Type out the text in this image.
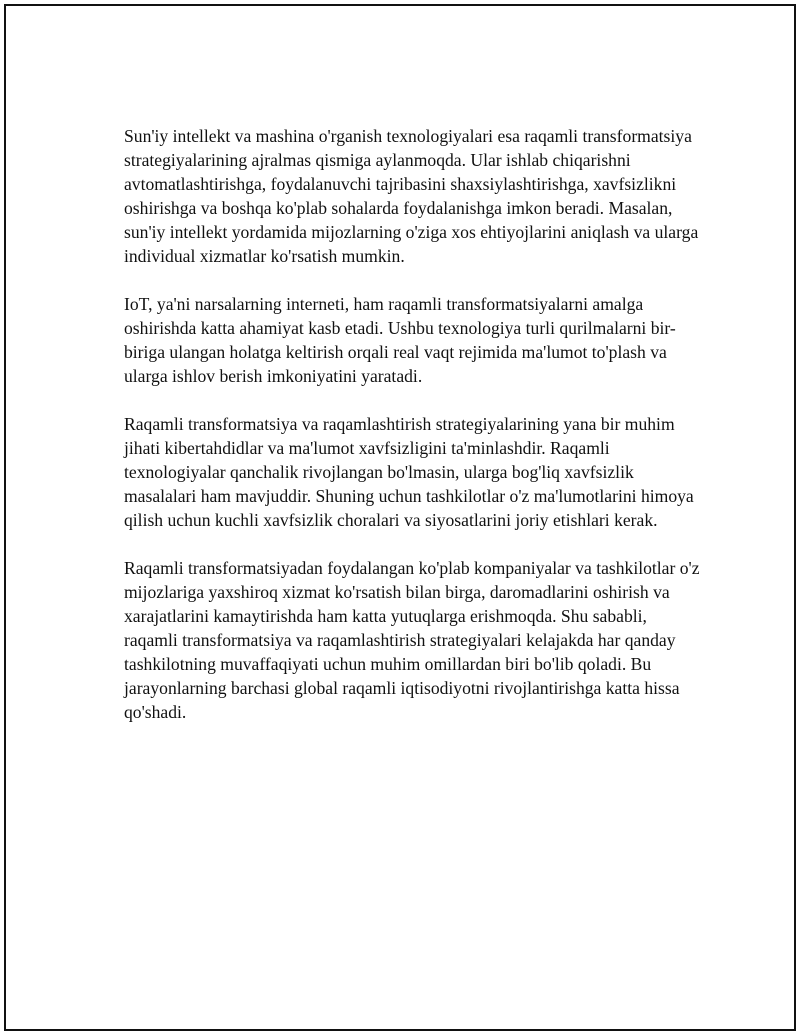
Sun'iy intellekt va mashina o'rganish texnologiyalari esa raqamli transformatsiya strategiyalarining ajralmas qismiga aylanmoqda. Ular ishlab chiqarishni avtomatlashtirishga, foydalanuvchi tajribasini shaxsiylashtirishga, xavfsizlikni oshirishga va boshqa ko'plab sohalarda foydalanishga imkon beradi. Masalan, sun'iy intellekt yordamida mijozlarning o'ziga xos ehtiyojlarini aniqlash va ularga individual xizmatlar ko'rsatish mumkin.

IoT, ya'ni narsalarning interneti, ham raqamli transformatsiyalarni amalga oshirishda katta ahamiyat kasb etadi. Ushbu texnologiya turli qurilmalarni bir-biriga ulangan holatga keltirish orqali real vaqt rejimida ma'lumot to'plash va ularga ishlov berish imkoniyatini yaratadi.

Raqamli transformatsiya va raqamlashtirish strategiyalarining yana bir muhim jihati kibertahdidlar va ma'lumot xavfsizligini ta'minlashdir. Raqamli texnologiyalar qanchalik rivojlangan bo'lmasin, ularga bog'liq xavfsizlik masalalari ham mavjuddir. Shuning uchun tashkilotlar o'z ma'lumotlarini himoya qilish uchun kuchli xavfsizlik choralari va siyosatlarini joriy etishlari kerak.

Raqamli transformatsiyadan foydalangan ko'plab kompaniyalar va tashkilotlar o'z mijozlariga yaxshiroq xizmat ko'rsatish bilan birga, daromadlarini oshirish va xarajatlarini kamaytirishda ham katta yutuqlarga erishmoqda. Shu sababli, raqamli transformatsiya va raqamlashtirish strategiyalari kelajakda har qanday tashkilotning muvaffaqiyati uchun muhim omillardan biri bo'lib qoladi. Bu jarayonlarning barchasi global raqamli iqtisodiyotni rivojlantirishga katta hissa qo'shadi.
